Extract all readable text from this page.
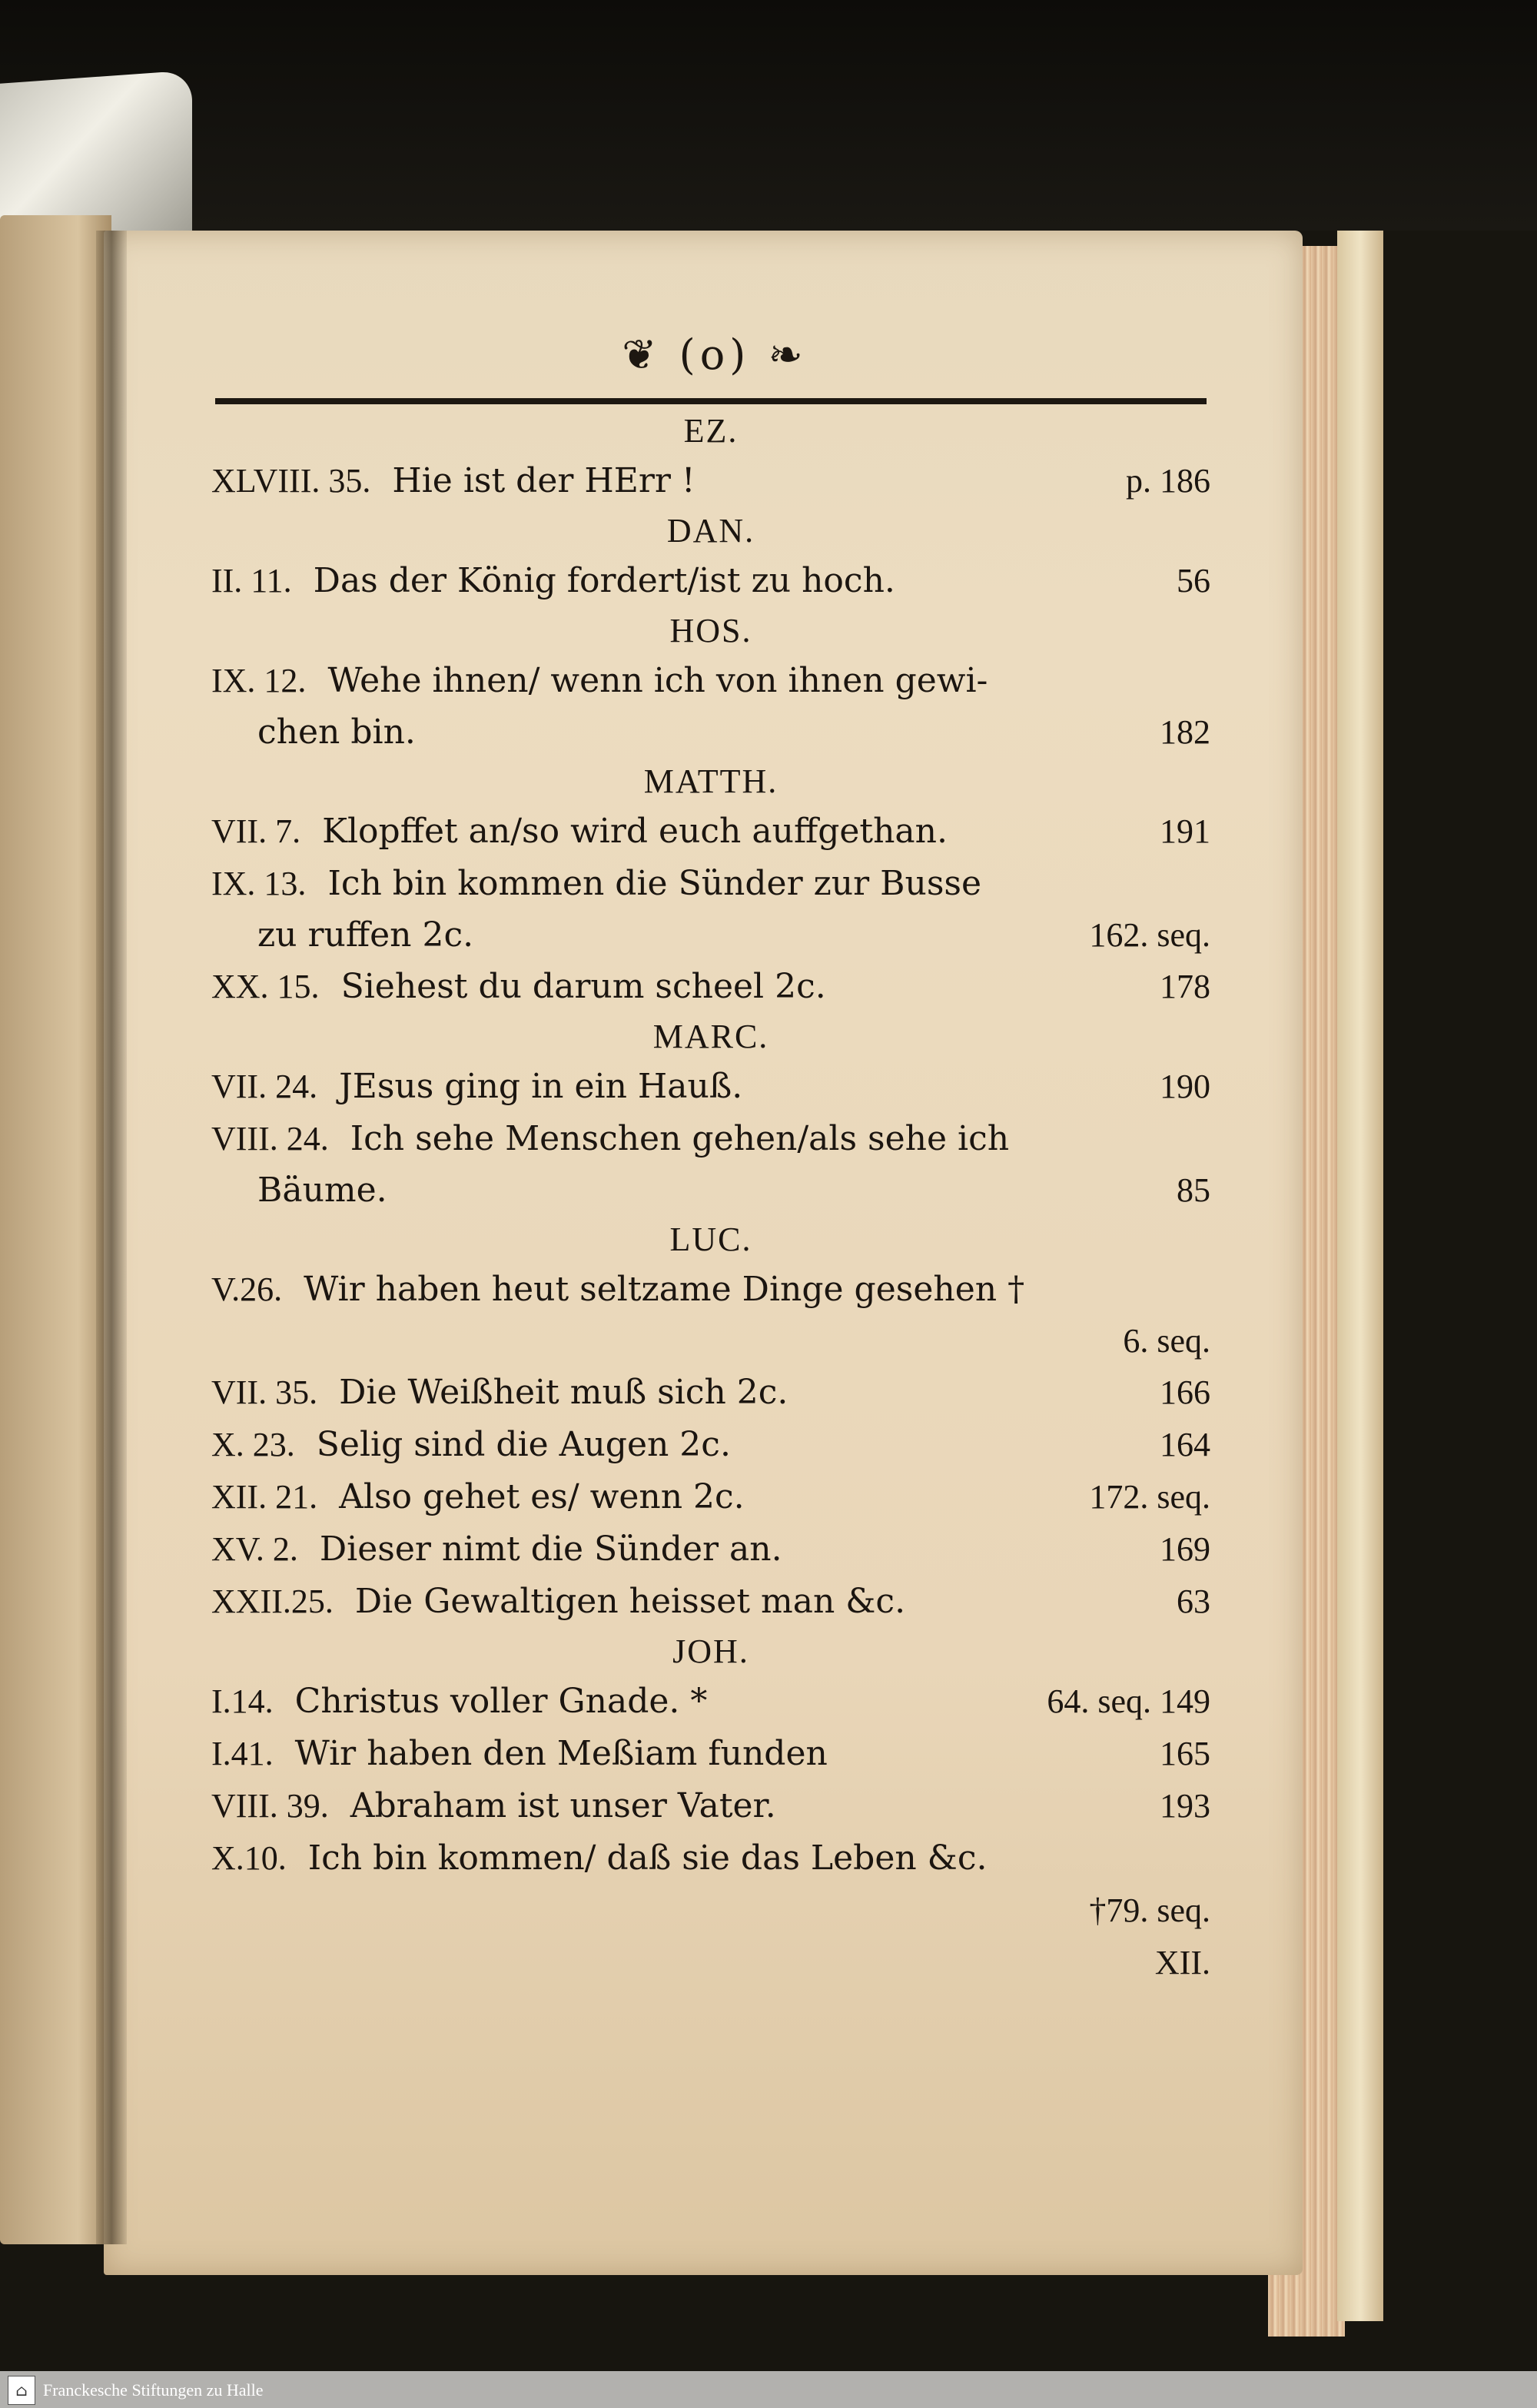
❦ (o) ❧
EZ.
XLVIII. 35. Hie ist der HErr !	p. 186
DAN.
II. 11. Das der König fordert/ist zu hoch.	56
HOS.
IX. 12. Wehe ihnen/ wenn ich von ihnen gewi-
chen bin.	182
MATTH.
VII. 7. Klopffet an/so wird euch auffgethan.	191
IX. 13. Ich bin kommen die Sünder zur Busse
zu ruffen 2c.	162. seq.
XX. 15. Siehest du darum scheel 2c.	178
MARC.
VII. 24. JEsus ging in ein Hauß.	190
VIII. 24. Ich sehe Menschen gehen/als sehe ich
Bäume.	85
LUC.
V.26. Wir haben heut seltzame Dinge gesehen †
6. seq.
VII. 35. Die Weißheit muß sich 2c.	166
X. 23. Selig sind die Augen 2c.	164
XII. 21. Also gehet es/ wenn 2c.	172. seq.
XV. 2. Dieser nimt die Sünder an.	169
XXII.25. Die Gewaltigen heisset man &c.	63
JOH.
I.14. Christus voller Gnade. *	64. seq. 149
I.41. Wir haben den Meßiam funden	165
VIII. 39. Abraham ist unser Vater.	193
X.10. Ich bin kommen/ daß sie das Leben &c.
†79. seq.
XII.
⌂ Franckesche Stiftungen zu Halle
